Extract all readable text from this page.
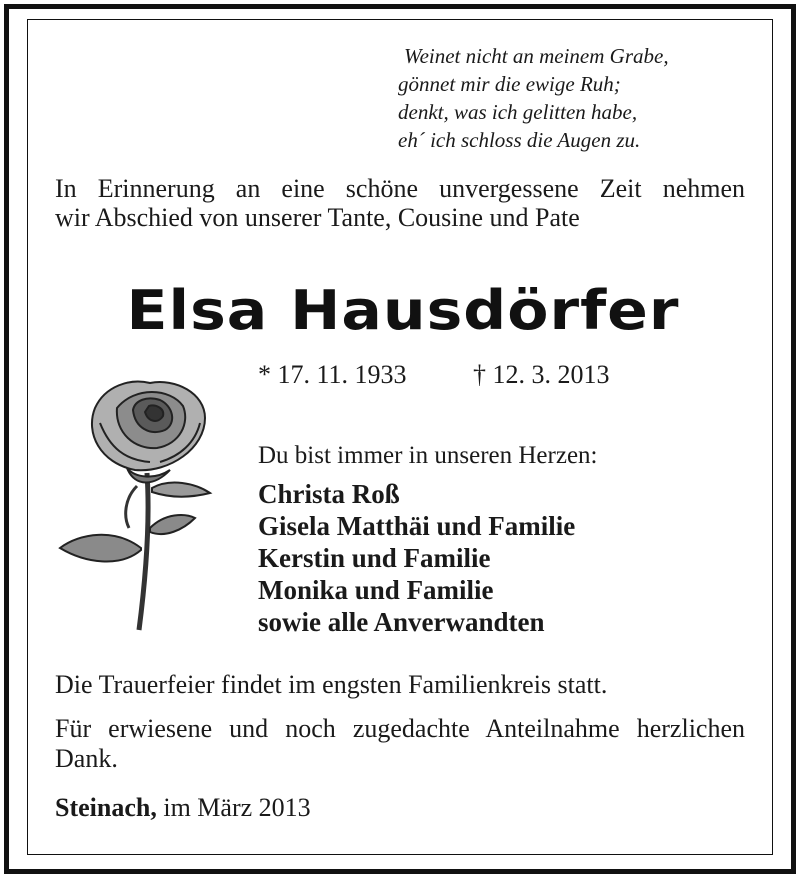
Weinet nicht an meinem Grabe,
gönnet mir die ewige Ruh;
denkt, was ich gelitten habe,
eh´ ich schloss die Augen zu.
In Erinnerung an eine schöne unvergessene Zeit nehmen
wir Abschied von unserer Tante, Cousine und Pate
Elsa Hausdörfer
* 17. 11. 1933	† 12. 3. 2013
Du bist immer in unseren Herzen:
Christa Roß
Gisela Matthäi und Familie
Kerstin und Familie
Monika und Familie
sowie alle Anverwandten
Die Trauerfeier findet im engsten Familienkreis statt.
Für erwiesene und noch zugedachte Anteilnahme herzlichen
Dank.
Steinach, im März 2013
